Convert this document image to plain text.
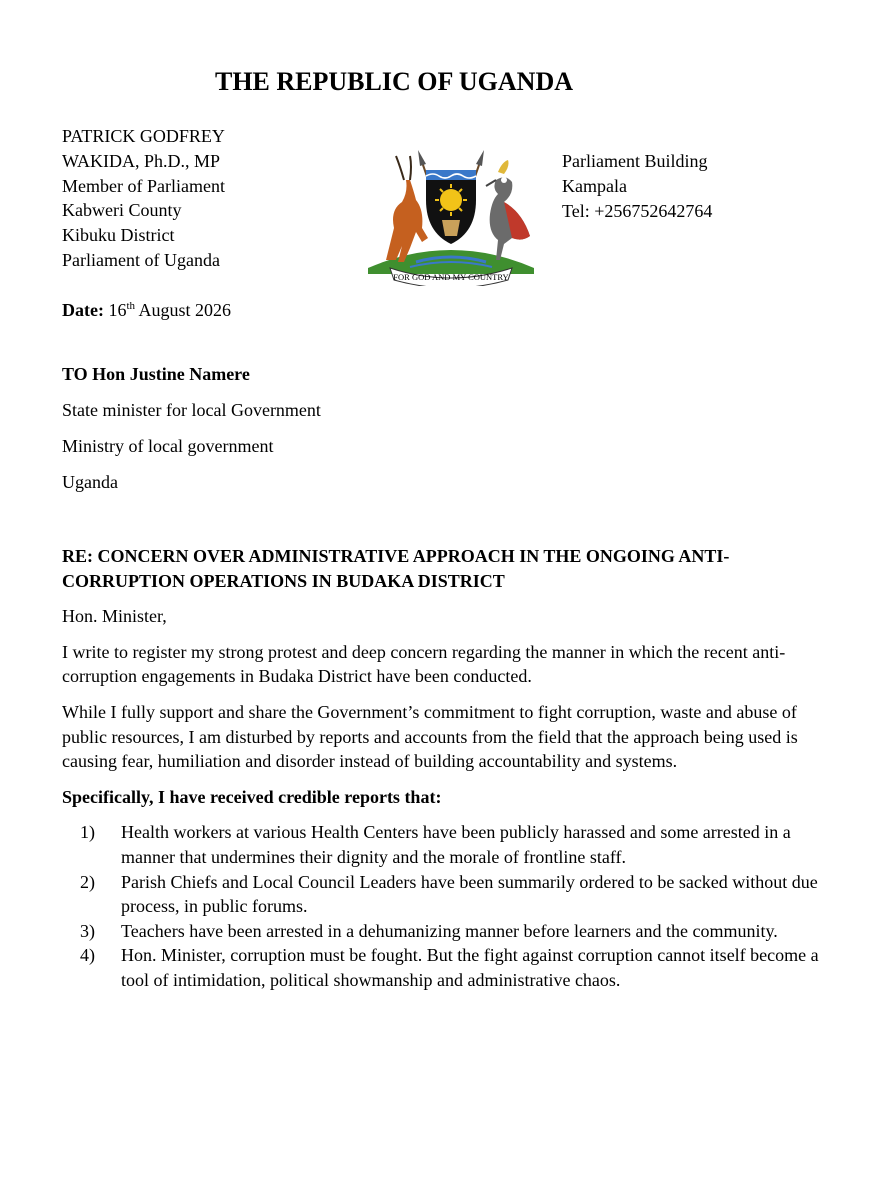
THE REPUBLIC OF UGANDA
PATRICK GODFREY
WAKIDA, Ph.D., MP
Member of Parliament
Kabweri County
Kibuku District
Parliament of Uganda
FOR GOD AND MY COUNTRY
Parliament Building
Kampala
Tel: +256752642764
Date: 16th August 2026
TO Hon Justine Namere
State minister for local Government
Ministry of local government
Uganda
RE: CONCERN OVER ADMINISTRATIVE APPROACH IN THE ONGOING ANTI-CORRUPTION OPERATIONS IN BUDAKA DISTRICT

Hon. Minister,

I write to register my strong protest and deep concern regarding the manner in which the recent anti-corruption engagements in Budaka District have been conducted.

While I fully support and share the Government’s commitment to fight corruption, waste and abuse of public resources, I am disturbed by reports and accounts from the field that the approach being used is causing fear, humiliation and disorder instead of building accountability and systems.

Specifically, I have received credible reports that:
1) Health workers at various Health Centers have been publicly harassed and some arrested in a manner that undermines their dignity and the morale of frontline staff.
2) Parish Chiefs and Local Council Leaders have been summarily ordered to be sacked without due process, in public forums.
3) Teachers have been arrested in a dehumanizing manner before learners and the community.
4) Hon. Minister, corruption must be fought. But the fight against corruption cannot itself become a tool of intimidation, political showmanship and administrative chaos.
